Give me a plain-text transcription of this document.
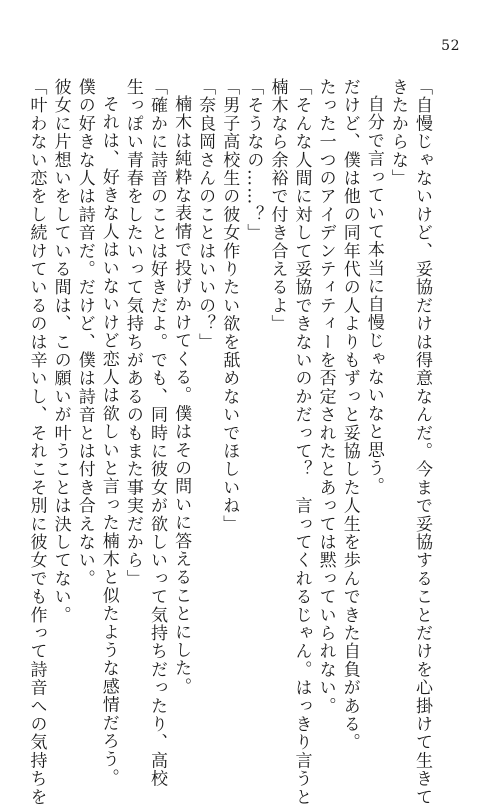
52
「自慢じゃないけど、妥協だけは得意なんだ。今まで妥協することだけを心掛けて生きて
きたからな」
自分で言っていて本当に自慢じゃないなと思う。
だけど、僕は他の同年代の人よりもずっと妥協した人生を歩んできた自負がある。
たった一つのアイデンティティーを否定されたとあっては黙っていられない。
「そんな人間に対して妥協できないのかだって？　言ってくれるじゃん。はっきり言うと
楠木なら余裕で付き合えるよ」
「そうなの……？」
「男子高校生の彼女作りたい欲を舐めないでほしいね」
「奈良岡さんのことはいいの？」
楠木は純粋な表情で投げかけてくる。僕はその問いに答えることにした。
「確かに詩音のことは好きだよ。でも、同時に彼女が欲しいって気持ちだったり、高校
生っぽい青春をしたいって気持ちがあるのもまた事実だから」
それは、好きな人はいないけど恋人は欲しいと言った楠木と似たような感情だろう。
僕の好きな人は詩音だ。だけど、僕は詩音とは付き合えない。
彼女に片想いをしている間は、この願いが叶うことは決してない。
「叶わない恋をし続けているのは辛いし、それこそ別に彼女でも作って詩音への気持ちを
